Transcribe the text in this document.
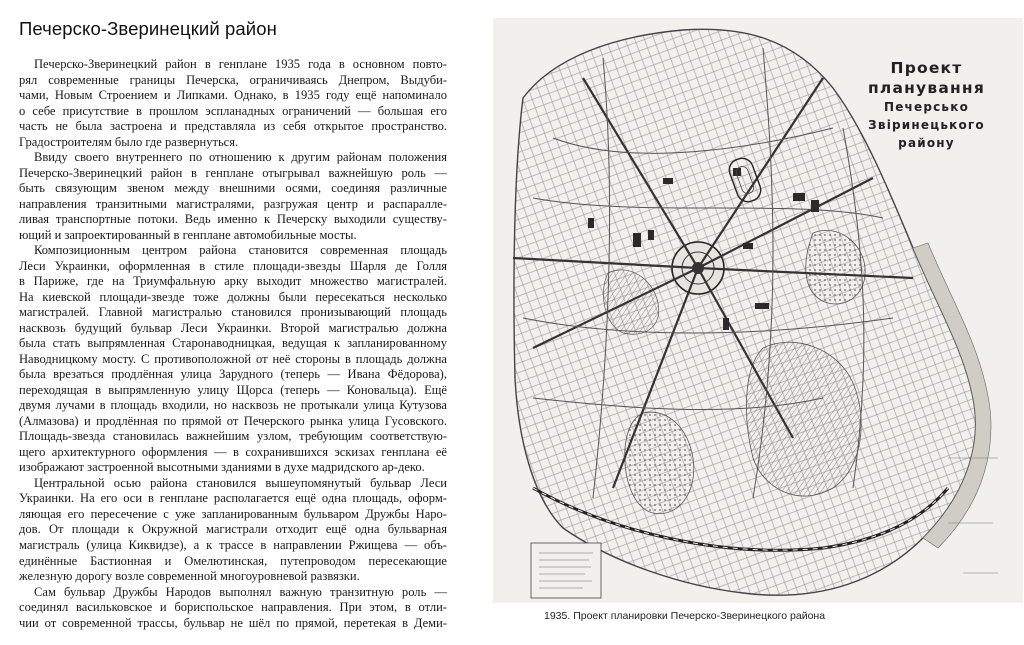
Печерско-Зверинецкий район
Печерско-Зверинецкий район в генплане 1935 года в основном повто-
рял современные границы Печерска, ограничиваясь Днепром, Выдуби-
чами, Новым Строением и Липками. Однако, в 1935 году ещё напоминало
о себе присутствие в прошлом эспланадных ограничений — большая его
часть не была застроена и представляла из себя открытое пространство.
Градостроителям было где развернуться.
Ввиду своего внутреннего по отношению к другим районам положения
Печерско-Зверинецкий район в генплане отыгрывал важнейшую роль —
быть связующим звеном между внешними осями, соединяя различные
направления транзитными магистралями, разгружая центр и распаралле-
ливая транспортные потоки. Ведь именно к Печерску выходили существу-
ющий и запроектированный в генплане автомобильные мосты.
Композиционным центром района становится современная площадь
Леси Украинки, оформленная в стиле площади-звезды Шарля де Голля
в Париже, где на Триумфальную арку выходит множество магистралей.
На киевской площади-звезде тоже должны были пересекаться несколько
магистралей. Главной магистралью становился пронизывающий площадь
насквозь будущий бульвар Леси Украинки. Второй магистралью должна
была стать выпрямленная Старонаводницкая, ведущая к запланированному
Наводницкому мосту. С противоположной от неё стороны в площадь должна
была врезаться продлённая улица Зарудного (теперь — Ивана Фёдорова),
переходящая в выпрямленную улицу Щорса (теперь — Коновальца). Ещё
двумя лучами в площадь входили, но насквозь не протыкали улица Кутузова
(Алмазова) и продлённая по прямой от Печерского рынка улица Гусовского.
Площадь-звезда становилась важнейшим узлом, требующим соответствую-
щего архитектурного оформления — в сохранившихся эскизах генплана её
изображают застроенной высотными зданиями в духе мадридского ар-деко.
Центральной осью района становился вышеупомянутый бульвар Леси
Украинки. На его оси в генплане располагается ещё одна площадь, оформ-
ляющая его пересечение с уже запланированным бульваром Дружбы Наро-
дов. От площади к Окружной магистрали отходит ещё одна бульварная
магистраль (улица Киквидзе), а к трассе в направлении Ржищева — объ-
единённые Бастионная и Омелютинская, путепроводом пересекающие
железную дорогу возле современной многоуровневой развязки.
Сам бульвар Дружбы Народов выполнял важную транзитную роль —
соединял васильковское и бориспольское направления. При этом, в отли-
чии от современной трассы, бульвар не шёл по прямой, перетекая в Деми-
Проект планування
Печерсько Звiринецького
району
1935. Проект планировки Печерско-Зверинецкого района
